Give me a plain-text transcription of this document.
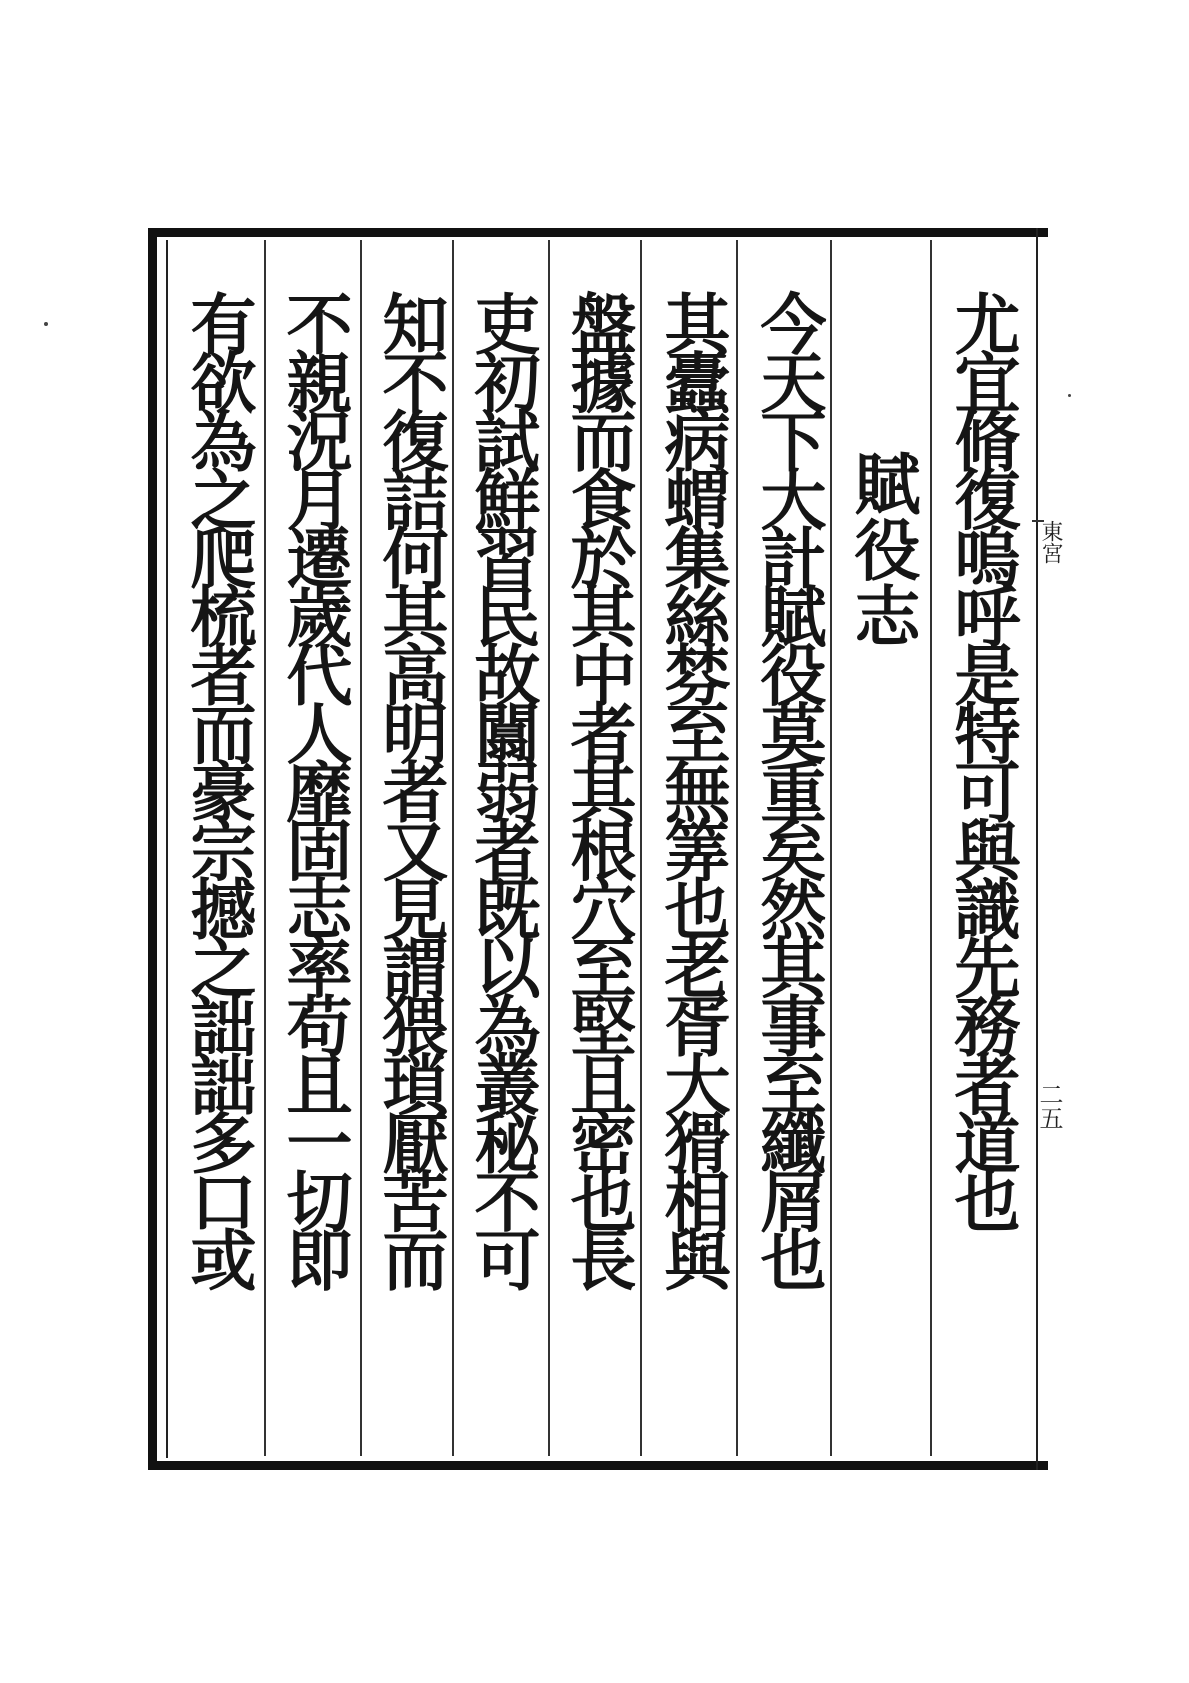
東宮
二五
尤宜脩復嗚呼是特可與識先務者道也
賦役志
今天下大計賦役莫重矣然其事至纖屑也
其蠹病蝟集絲棼至無筭也老胥大猾相與
盤據而食於其中者其根穴至堅且密也長
吏初試鮮習民故闒弱者既以為叢秘不可
知不復詰何其高明者又見謂猥瑣厭苦而
不親況月遷歲代人靡固志率苟且一切即
有欲為之爬梳者而豪宗撼之詘詘多口或
